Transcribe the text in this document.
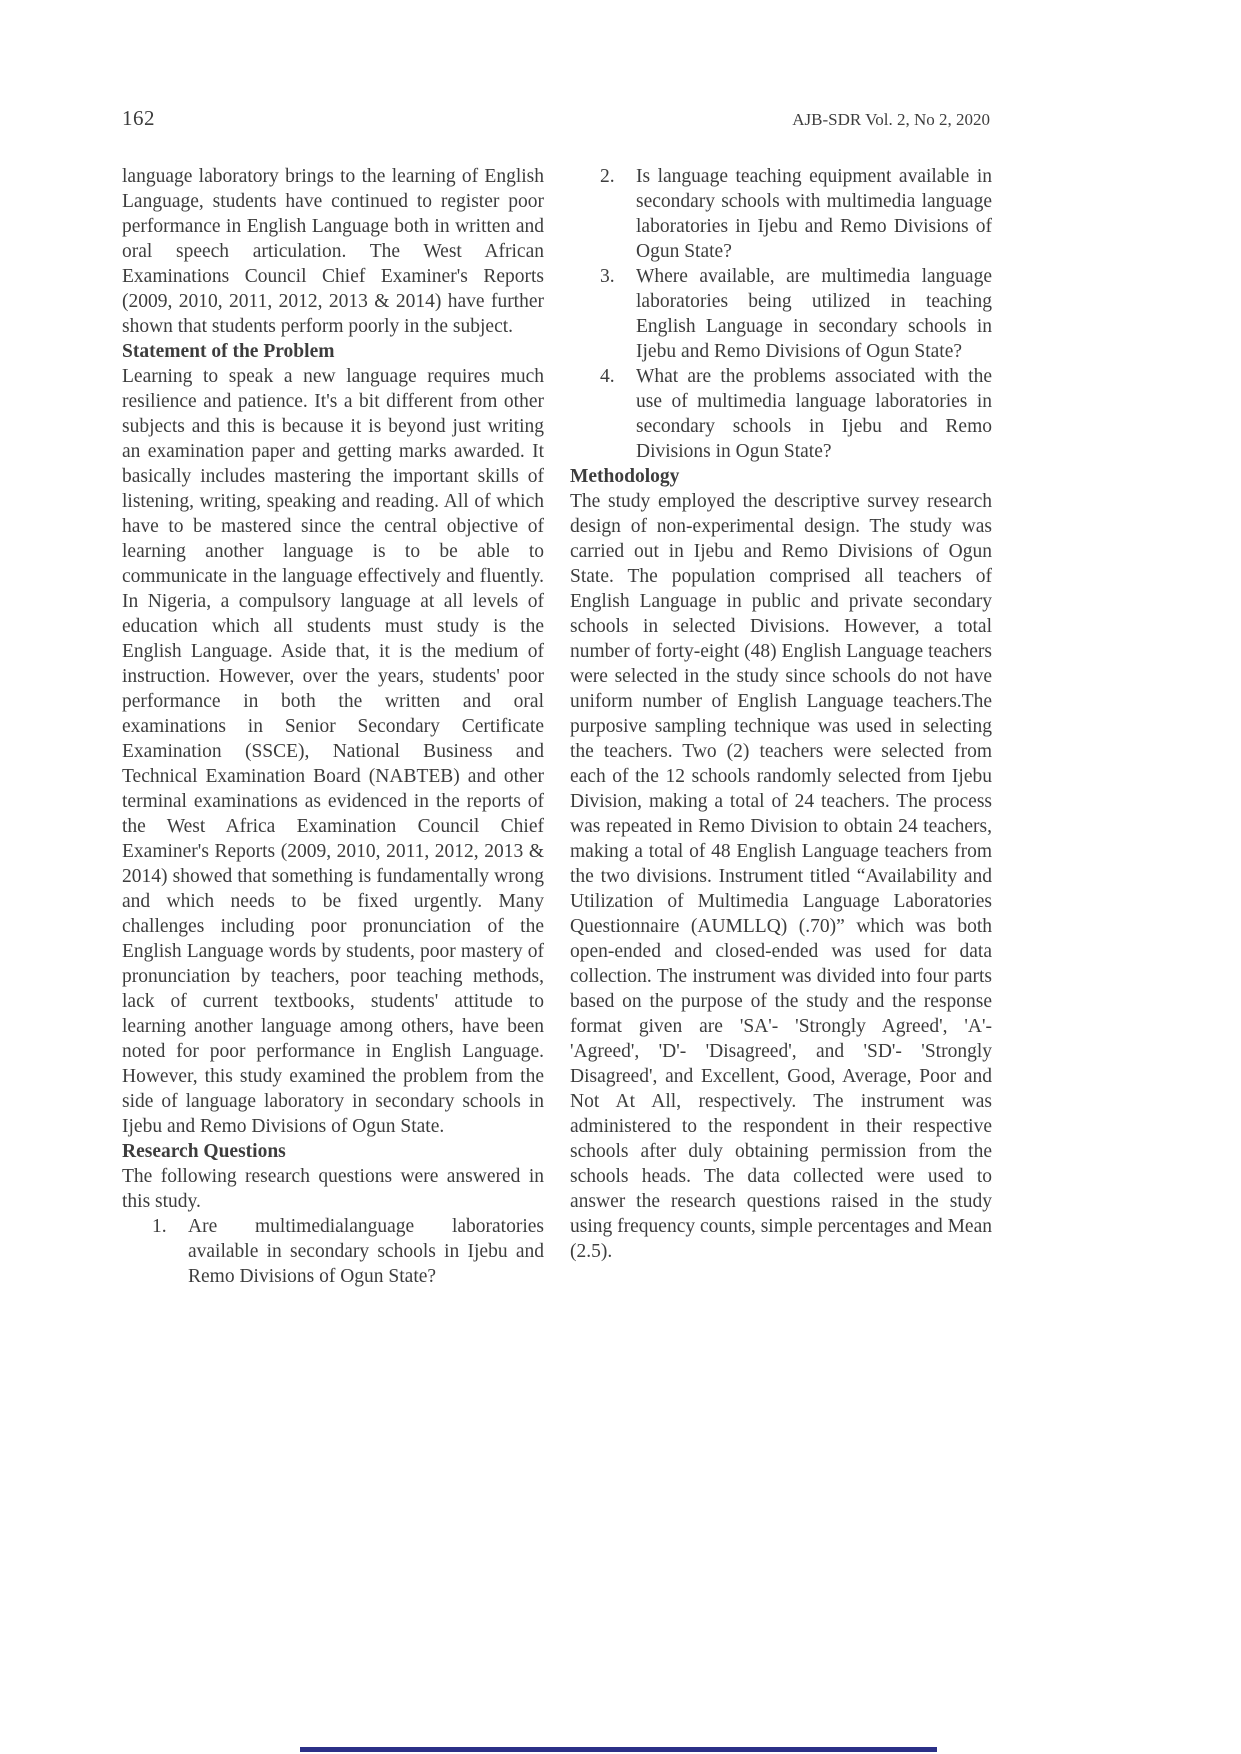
162	AJB-SDR Vol. 2, No 2, 2020

language laboratory brings to the learning of English Language, students have continued to register poor performance in English Language both in written and oral speech articulation. The West African Examinations Council Chief Examiner's Reports (2009, 2010, 2011, 2012, 2013 & 2014) have further shown that students perform poorly in the subject.

Statement of the Problem

Learning to speak a new language requires much resilience and patience. It's a bit different from other subjects and this is because it is beyond just writing an examination paper and getting marks awarded. It basically includes mastering the important skills of listening, writing, speaking and reading. All of which have to be mastered since the central objective of learning another language is to be able to communicate in the language effectively and fluently. In Nigeria, a compulsory language at all levels of education which all students must study is the English Language. Aside that, it is the medium of instruction. However, over the years, students' poor performance in both the written and oral examinations in Senior Secondary Certificate Examination (SSCE), National Business and Technical Examination Board (NABTEB) and other terminal examinations as evidenced in the reports of the West Africa Examination Council Chief Examiner's Reports (2009, 2010, 2011, 2012, 2013 & 2014) showed that something is fundamentally wrong and which needs to be fixed urgently. Many challenges including poor pronunciation of the English Language words by students, poor mastery of pronunciation by teachers, poor teaching methods, lack of current textbooks, students' attitude to learning another language among others, have been noted for poor performance in English Language. However, this study examined the problem from the side of language laboratory in secondary schools in Ijebu and Remo Divisions of Ogun State.

Research Questions

The following research questions were answered in this study.

1.	Are multimedialanguage laboratories available in secondary schools in Ijebu and Remo Divisions of Ogun State?
2.	Is language teaching equipment available in secondary schools with multimedia language laboratories in Ijebu and Remo Divisions of Ogun State?
3.	Where available, are multimedia language laboratories being utilized in teaching English Language in secondary schools in Ijebu and Remo Divisions of Ogun State?
4.	What are the problems associated with the use of multimedia language laboratories in secondary schools in Ijebu and Remo Divisions in Ogun State?

Methodology

The study employed the descriptive survey research design of non-experimental design. The study was carried out in Ijebu and Remo Divisions of Ogun State. The population comprised all teachers of English Language in public and private secondary schools in selected Divisions. However, a total number of forty-eight (48) English Language teachers were selected in the study since schools do not have uniform number of English Language teachers.The purposive sampling technique was used in selecting the teachers. Two (2) teachers were selected from each of the 12 schools randomly selected from Ijebu Division, making a total of 24 teachers. The process was repeated in Remo Division to obtain 24 teachers, making a total of 48 English Language teachers from the two divisions. Instrument titled “Availability and Utilization of Multimedia Language Laboratories Questionnaire (AUMLLQ) (.70)” which was both open-ended and closed-ended was used for data collection. The instrument was divided into four parts based on the purpose of the study and the response format given are 'SA'- 'Strongly Agreed', 'A'- 'Agreed', 'D'- 'Disagreed', and 'SD'- 'Strongly Disagreed', and Excellent, Good, Average, Poor and Not At All, respectively. The instrument was administered to the respondent in their respective schools after duly obtaining permission from the schools heads. The data collected were used to answer the research questions raised in the study using frequency counts, simple percentages and Mean (2.5).
